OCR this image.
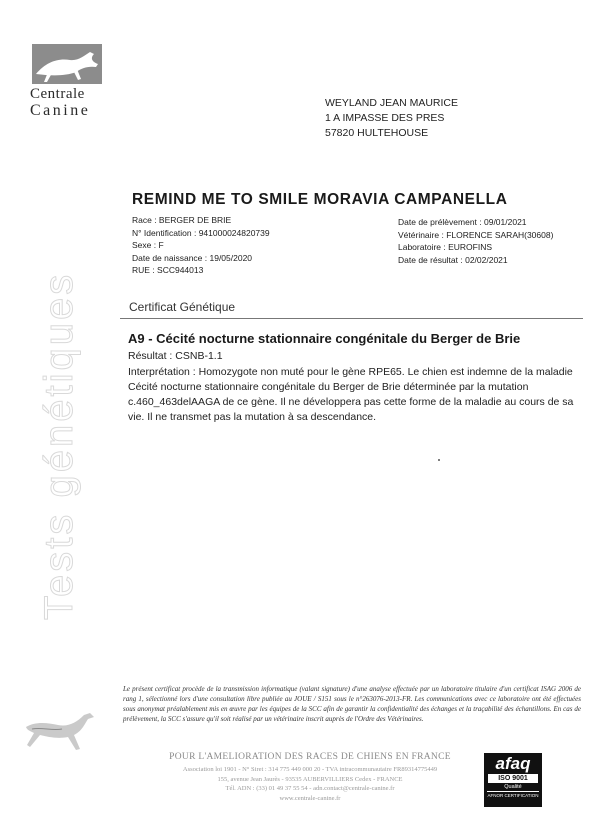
Centrale
Canine
Tests génétiques
WEYLAND JEAN MAURICE
1 A IMPASSE DES PRES
57820 HULTEHOUSE
REMIND ME TO SMILE MORAVIA CAMPANELLA
Race : BERGER DE BRIE
N° Identification : 941000024820739
Sexe : F
Date de naissance : 19/05/2020
RUE : SCC944013
Date de prélèvement : 09/01/2021
Vétérinaire : FLORENCE SARAH(30608)
Laboratoire : EUROFINS
Date de résultat : 02/02/2021
Certificat Génétique
A9 - Cécité nocturne stationnaire congénitale du Berger de Brie
Résultat : CSNB-1.1
Interprétation : Homozygote non muté pour le gène RPE65. Le chien est indemne de la maladie Cécité nocturne stationnaire congénitale du Berger de Brie déterminée par la mutation c.460_463delAAGA de ce gène. Il ne développera pas cette forme de la maladie au cours de sa vie. Il ne transmet pas la mutation à sa descendance.
Le présent certificat procède de la transmission informatique (valant signature) d'une analyse effectuée par un laboratoire titulaire d'un certificat ISAG 2006 de rang 1, sélectionné lors d'une consultation libre publiée au JOUE / S151 sous le n°263076-2013-FR. Les communications avec ce laboratoire ont été effectuées sous anonymat préalablement mis en œuvre par les équipes de la SCC afin de garantir la confidentialité des échanges et la traçabilité des échantillons. En cas de prélèvement, la SCC s'assure qu'il soit réalisé par un vétérinaire inscrit auprès de l'Ordre des Vétérinaires.
POUR L'AMELIORATION DES RACES DE CHIENS EN FRANCE
Association loi 1901 - N° Siret : 314 775 449 000 20 - TVA intracommunautaire FR89314775449
155, avenue Jean Jaurès - 93535 AUBERVILLIERS Cedex - FRANCE
Tél. ADN : (33) 01 49 37 55 54 - adn.contact@centrale-canine.fr
www.centrale-canine.fr
afaq
ISO 9001
Qualité
AFNOR CERTIFICATION
